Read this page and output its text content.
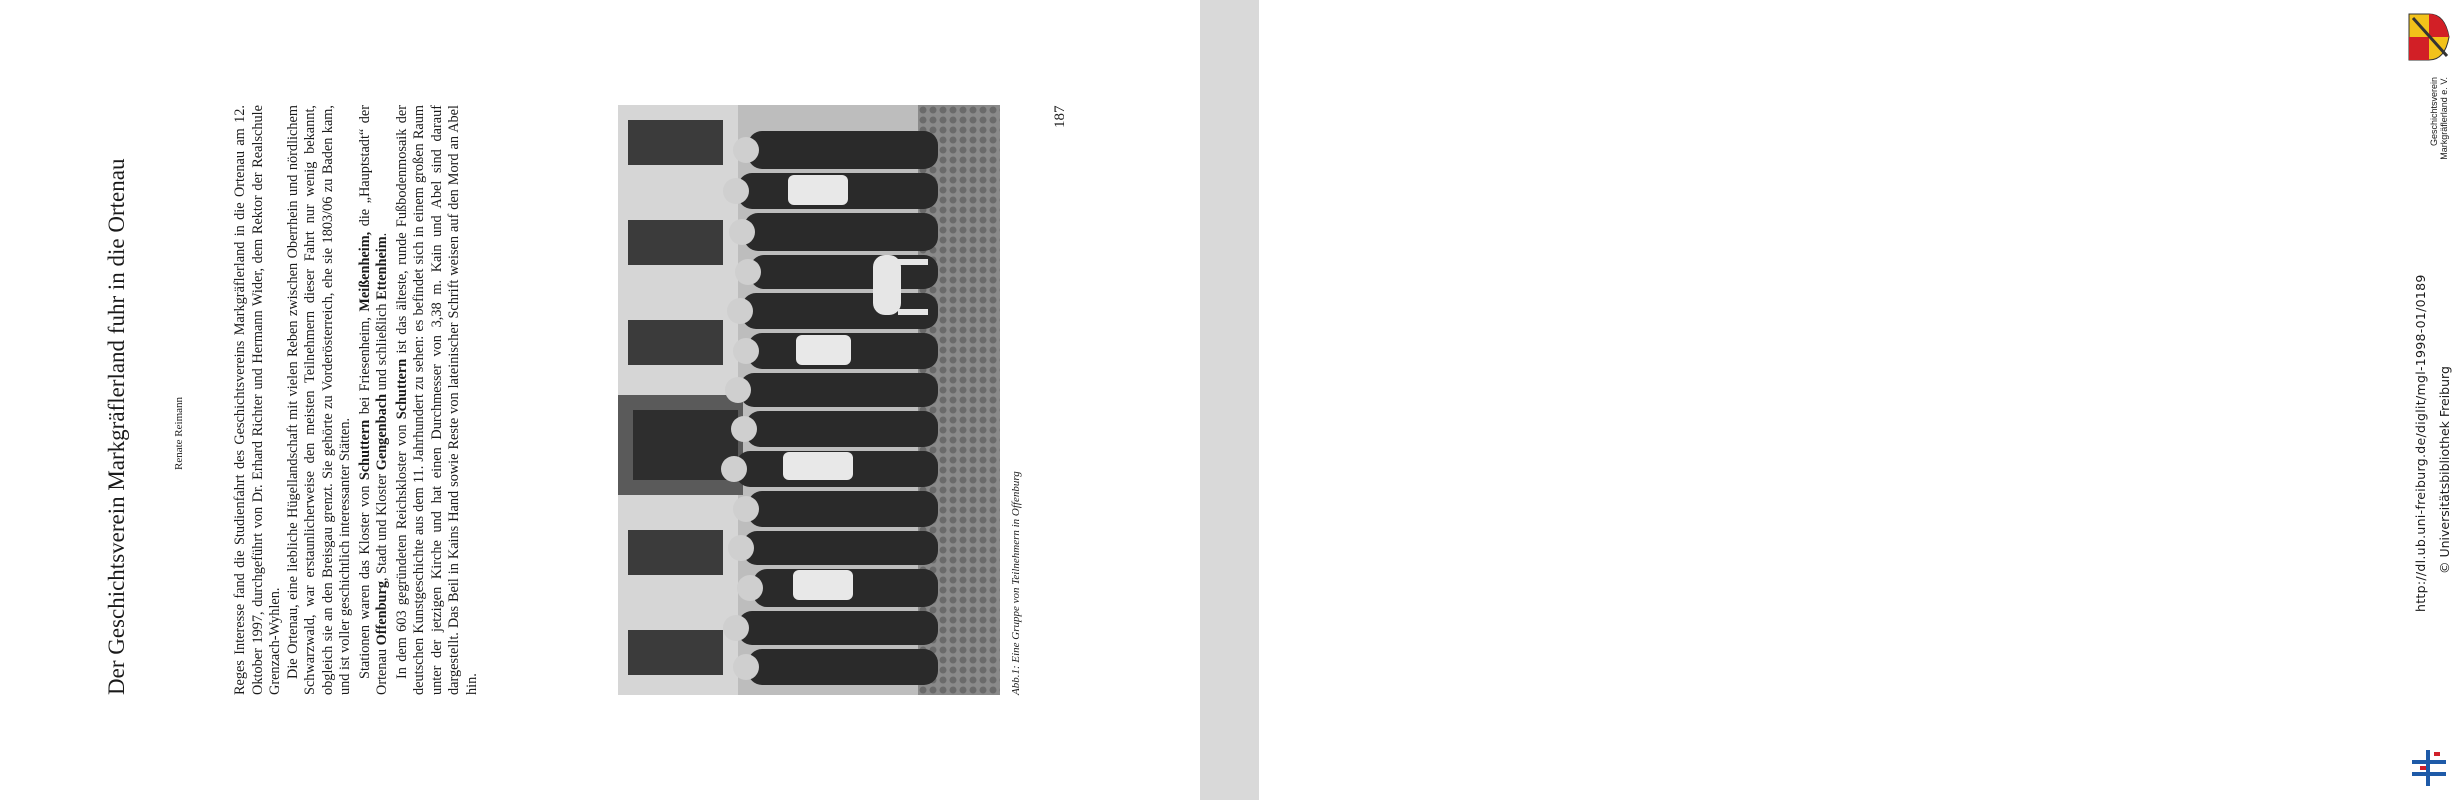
Der Geschichtsverein Markgräflerland fuhr in die Ortenau	Renate Reimann	Reges Interesse fand die Studienfahrt des Geschichtsvereins Markgräflerland in die Ortenau am 12. Oktober 1997, durchgeführt von Dr. Erhard Richter und Hermann Wider, dem Rektor der Realschule Grenzach-Wyhlen. Die Ortenau, eine liebliche Hügellandschaft mit vielen Reben zwischen Oberrhein und nördlichem Schwarzwald, war erstaunlicherweise den meisten Teilnehmern dieser Fahrt nur wenig bekannt, obgleich sie an den Breisgau grenzt. Sie gehörte zu Vorderösterreich, ehe sie 1803/06 zu Baden kam, und ist voller geschichtlich interessanter Stätten. Stationen waren das Kloster von Schuttern bei Friesenheim, Meißenheim, die „Hauptstadt“ der Ortenau Offenburg, Stadt und Kloster Gengenbach und schließlich Ettenheim.

In dem 603 gegründeten Reichskloster von Schuttern ist das älteste, runde Fußbodenmosaik der deutschen Kunstgeschichte aus dem 11. Jahrhundert zu sehen: es befindet sich in einem großen Raum unter der jetzigen Kirche und hat einen Durchmesser von 3,38 m. Kain und Abel sind darauf dargestellt. Das Beil in Kains Hand sowie Reste von lateinischer Schrift weisen auf den Mord an Abel hin.	Abb.1: Eine Gruppe von Teilnehmern in Offenburg
187
http://dl.ub.uni-freiburg.de/diglit/mgl-1998-01/0189 © Universitätsbibliothek Freiburg
Geschichtsverein Markgräflerland e. V.
